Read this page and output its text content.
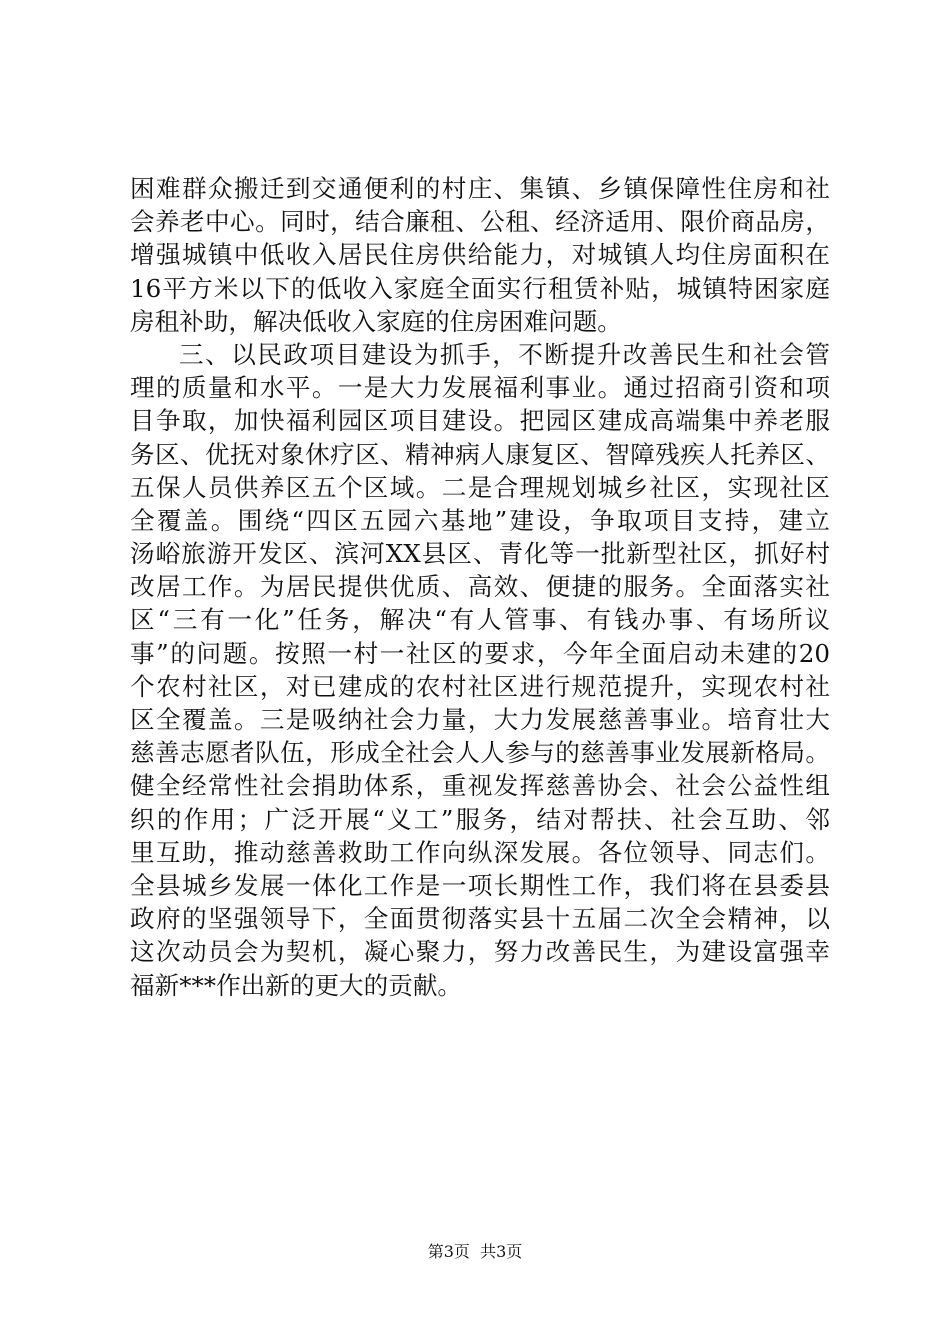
困难群众搬迁到交通便利的村庄、集镇、乡镇保障性住房和社
会养老中心。同时，结合廉租、公租、经济适用、限价商品房，
增强城镇中低收入居民住房供给能力，对城镇人均住房面积在
16平方米以下的低收入家庭全面实行租赁补贴，城镇特困家庭
房租补助，解决低收入家庭的住房困难问题。
三、以民政项目建设为抓手，不断提升改善民生和社会管
理的质量和水平。一是大力发展福利事业。通过招商引资和项
目争取，加快福利园区项目建设。把园区建成高端集中养老服
务区、优抚对象休疗区、精神病人康复区、智障残疾人托养区、
五保人员供养区五个区域。二是合理规划城乡社区，实现社区
全覆盖。围绕“四区五园六基地”建设，争取项目支持，建立
汤峪旅游开发区、滨河XX县区、青化等一批新型社区，抓好村
改居工作。为居民提供优质、高效、便捷的服务。全面落实社
区“三有一化”任务，解决“有人管事、有钱办事、有场所议
事”的问题。按照一村一社区的要求，今年全面启动未建的20
个农村社区，对已建成的农村社区进行规范提升，实现农村社
区全覆盖。三是吸纳社会力量，大力发展慈善事业。培育壮大
慈善志愿者队伍，形成全社会人人参与的慈善事业发展新格局。
健全经常性社会捐助体系，重视发挥慈善协会、社会公益性组
织的作用；广泛开展“义工”服务，结对帮扶、社会互助、邻
里互助，推动慈善救助工作向纵深发展。各位领导、同志们。
全县城乡发展一体化工作是一项长期性工作，我们将在县委县
政府的坚强领导下，全面贯彻落实县十五届二次全会精神，以
这次动员会为契机，凝心聚力，努力改善民生，为建设富强幸
福新***作出新的更大的贡献。
第3页  共3页
